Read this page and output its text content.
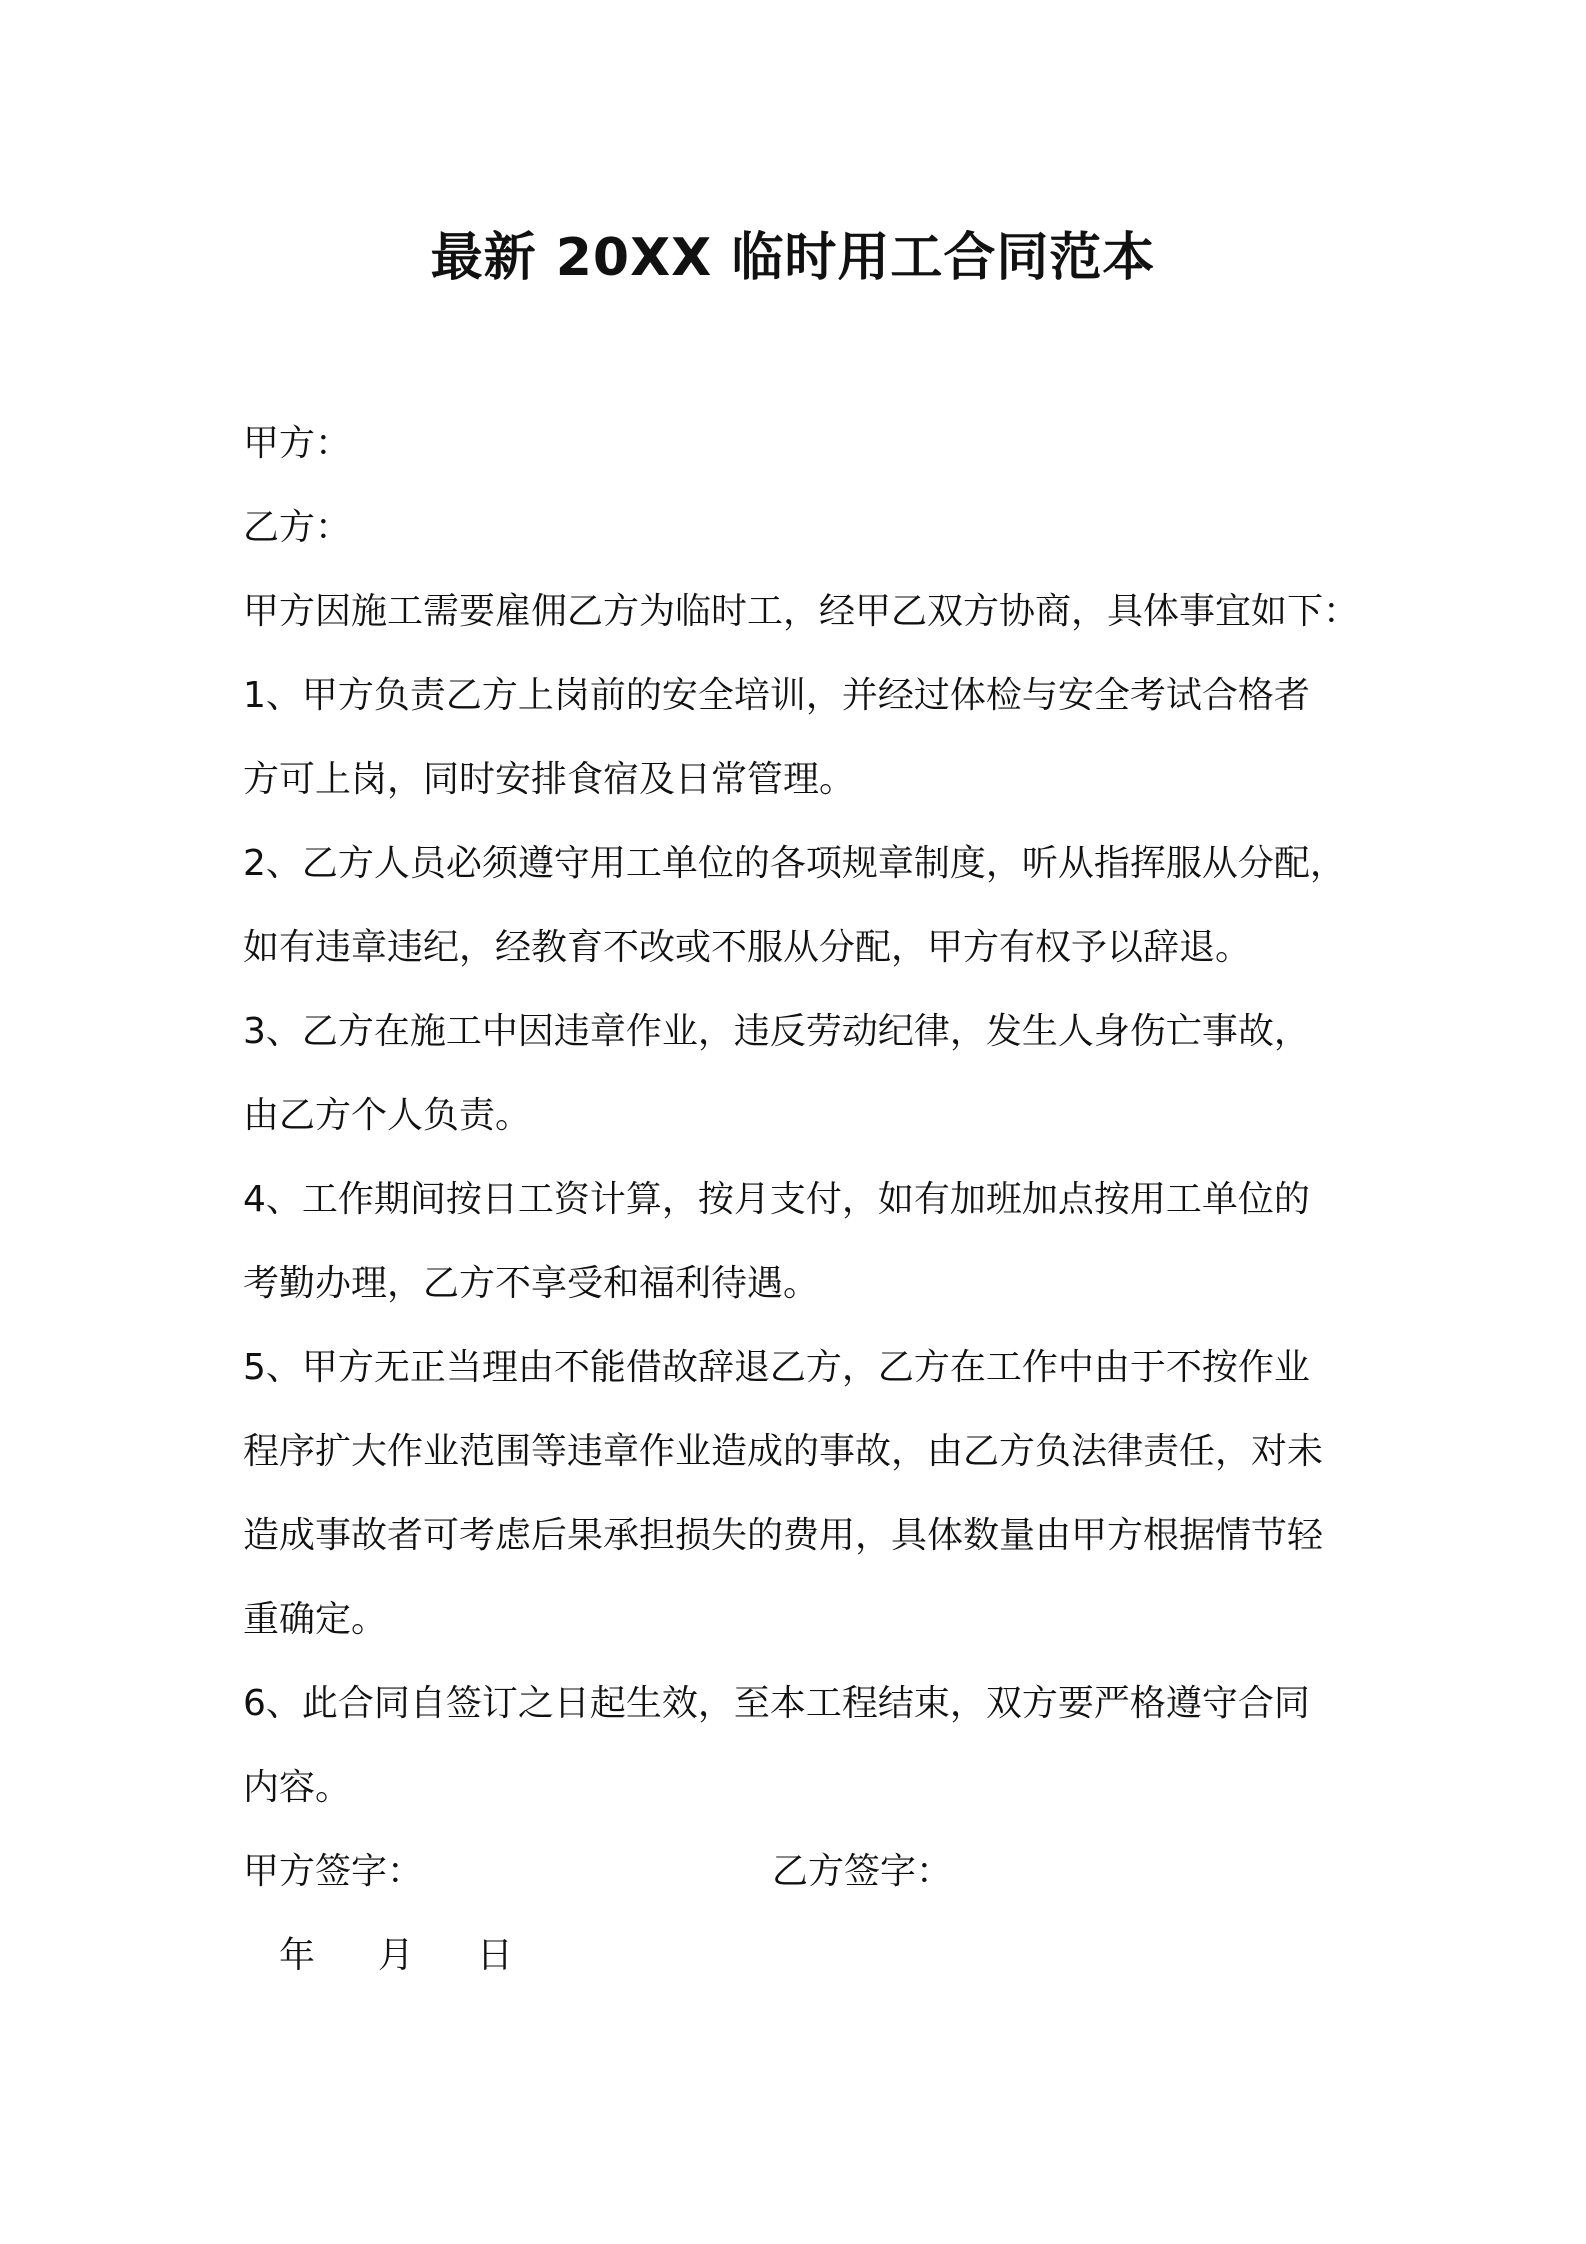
最新 20XX 临时用工合同范本
甲方：
乙方：
甲方因施工需要雇佣乙方为临时工，经甲乙双方协商，具体事宜如下：
1、甲方负责乙方上岗前的安全培训，并经过体检与安全考试合格者
方可上岗，同时安排食宿及日常管理。
2、乙方人员必须遵守用工单位的各项规章制度，听从指挥服从分配，
如有违章违纪，经教育不改或不服从分配，甲方有权予以辞退。
3、乙方在施工中因违章作业，违反劳动纪律，发生人身伤亡事故，
由乙方个人负责。
4、工作期间按日工资计算，按月支付，如有加班加点按用工单位的
考勤办理，乙方不享受和福利待遇。
5、甲方无正当理由不能借故辞退乙方，乙方在工作中由于不按作业
程序扩大作业范围等违章作业造成的事故，由乙方负法律责任，对未
造成事故者可考虑后果承担损失的费用，具体数量由甲方根据情节轻
重确定。
6、此合同自签订之日起生效，至本工程结束，双方要严格遵守合同
内容。
甲方签字：	乙方签字：
年 月 日
